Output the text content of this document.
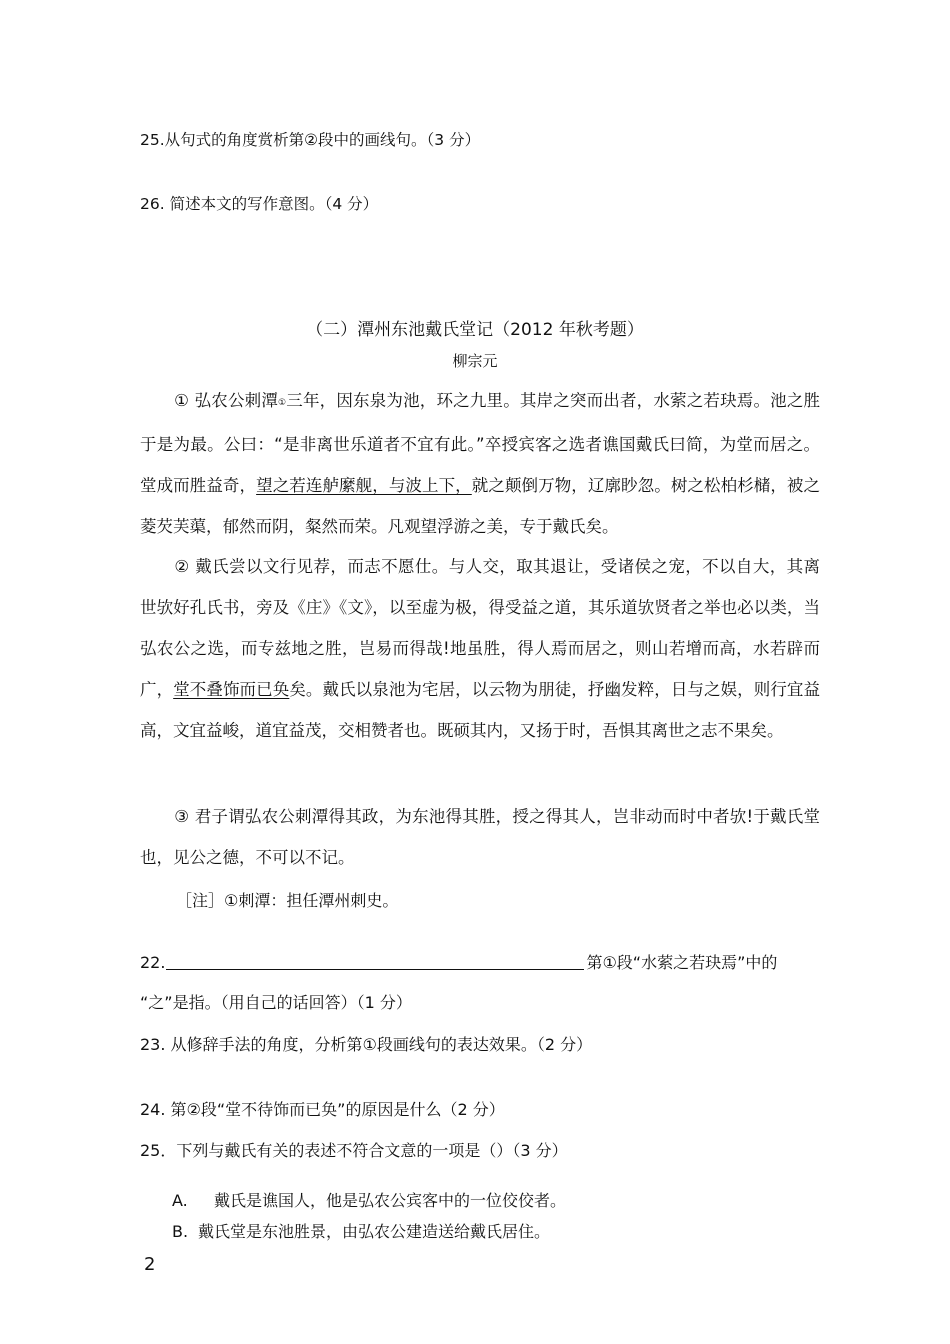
25.从句式的角度赏析第②段中的画线句。（3 分）
26. 简述本文的写作意图。（4 分）
（二）潭州东池戴氏堂记（2012 年秋考题）
柳宗元
① 弘农公刺潭①三年，因东泉为池，环之九里。其岸之突而出者，水萦之若玦焉。池之胜于是为最。公曰：“是非离世乐道者不宜有此。”卒授宾客之选者谯国戴氏曰简，为堂而居之。堂成而胜益奇，望之若连舻縻舰，与波上下，就之颠倒万物，辽廓眇忽。树之松柏杉槠，被之菱芡芙蕖，郁然而阴，粲然而荣。凡观望浮游之美，专于戴氏矣。
② 戴氏尝以文行见荐，而志不愿仕。与人交，取其退让，受诸侯之宠，不以自大，其离世欤好孔氏书，旁及《庄》《文》，以至虚为极，得受益之道，其乐道欤贤者之举也必以类，当弘农公之选，而专兹地之胜，岂易而得哉!地虽胜，得人焉而居之，则山若增而高，水若辟而广，堂不叠饰而已奂矣。戴氏以泉池为宅居，以云物为朋徒，抒幽发粹，日与之娱，则行宜益高，文宜益峻，道宜益茂，交相赞者也。既硕其内，又扬于时，吾惧其离世之志不果矣。
③ 君子谓弘农公刺潭得其政，为东池得其胜，授之得其人，岂非动而时中者欤!于戴氏堂也，见公之德，不可以不记。
［注］①刺潭：担任潭州刺史。
22.	第①段“水萦之若玦焉”中的
“之”是指。（用自己的话回答）（1 分）
23. 从修辞手法的角度，分析第①段画线句的表达效果。（2 分）
24. 第②段“堂不待饰而已奂”的原因是什么（2 分）
25．下列与戴氏有关的表述不符合文意的一项是（）（3 分）
A. 戴氏是谯国人，他是弘农公宾客中的一位佼佼者。
B. 戴氏堂是东池胜景，由弘农公建造送给戴氏居住。
2
